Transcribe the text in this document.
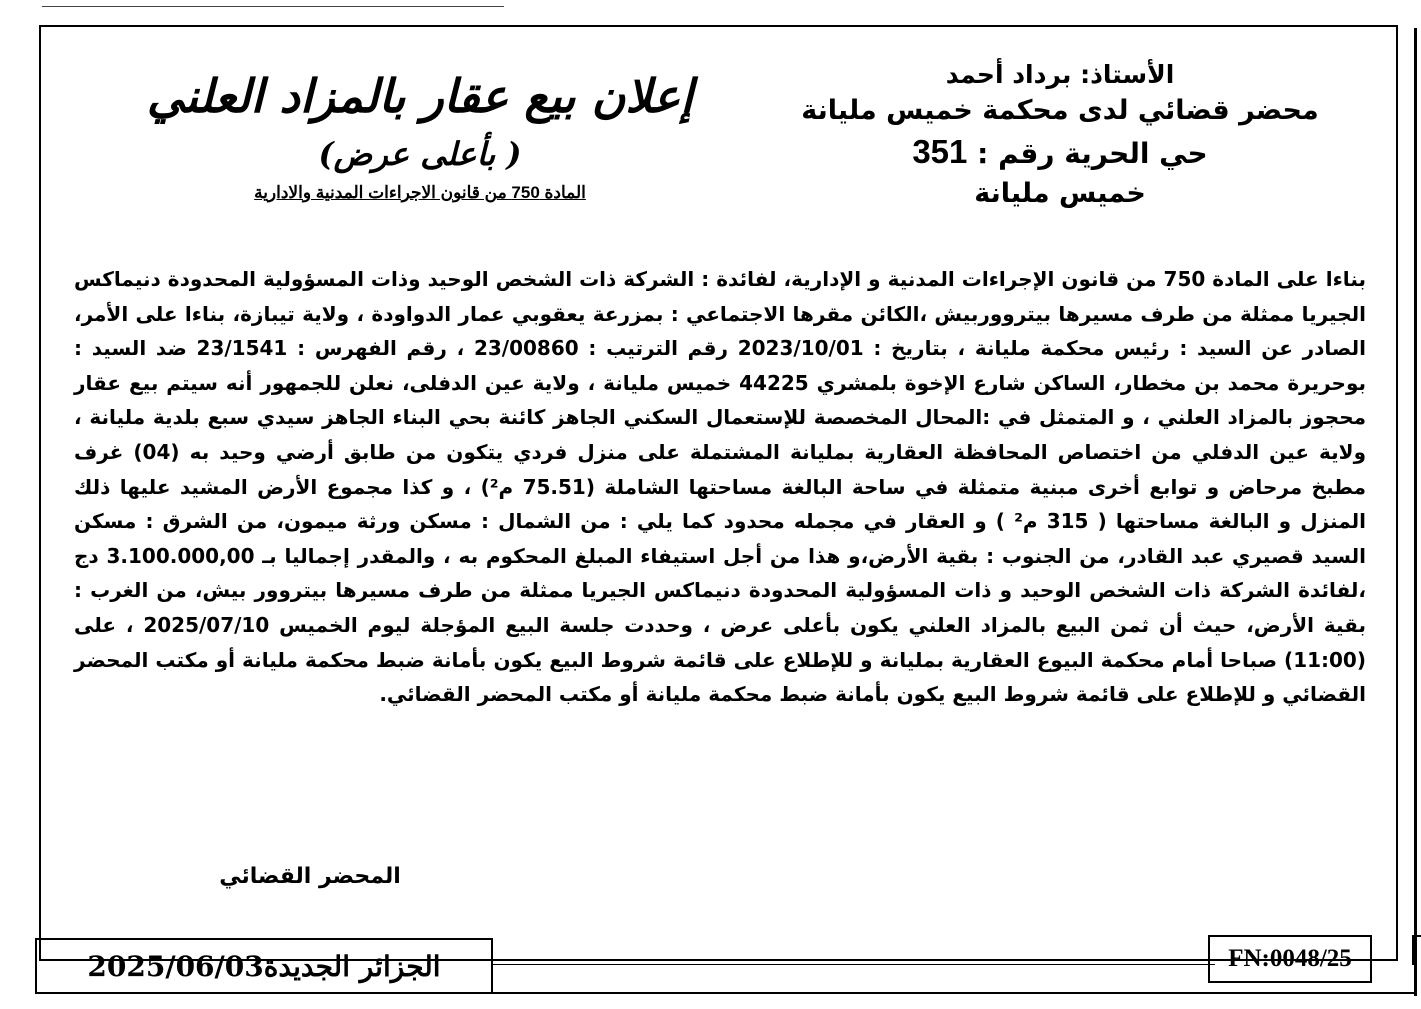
الأستاذ: برداد أحمد
محضر قضائي لدى محكمة خميس مليانة
حي الحرية رقم : 351
خميس مليانة
إعلان بيع عقار بالمزاد العلني
( بأعلى عرض)
المادة 750 من قانون الاجراءات المدنية والادارية
بناءا على المادة 750 من قانون الإجراءات المدنية و الإدارية، لفائدة : الشركة ذات الشخص الوحيد وذات المسؤولية المحدودة دنيماكس الجيريا ممثلة من طرف مسيرها بيترووربيش ،الكائن مقرها الاجتماعي : بمزرعة يعقوبي عمار الدواودة ، ولاية تيبازة، بناءا على الأمر، الصادر عن السيد : رئيس محكمة مليانة ، بتاريخ : 2023/10/01 رقم الترتيب : 23/00860 ، رقم الفهرس : 23/1541 ضد السيد : بوحريرة محمد بن مخطار، الساكن شارع الإخوة بلمشري 44225 خميس مليانة ، ولاية عين الدفلى، نعلن للجمهور أنه سيتم بيع عقار محجوز بالمزاد العلني ، و المتمثل في :المحال المخصصة للإستعمال السكني الجاهز كائنة بحي البناء الجاهز سيدي سبع بلدية مليانة ، ولاية عين الدفلي من اختصاص المحافظة العقارية بمليانة المشتملة على منزل فردي يتكون من طابق أرضي وحيد به (04) غرف مطبخ مرحاض و توابع أخرى مبنية متمثلة في ساحة البالغة مساحتها الشاملة (75.51 م²) ، و كذا مجموع الأرض المشيد عليها ذلك المنزل و البالغة مساحتها ( 315 م² ) و العقار في مجمله محدود كما يلي : من الشمال : مسكن ورثة ميمون، من الشرق : مسكن السيد قصيري عبد القادر، من الجنوب : بقية الأرض،و هذا من أجل استيفاء المبلغ المحكوم به ، والمقدر إجماليا بـ 3.100.000,00 دج ،لفائدة الشركة ذات الشخص الوحيد و ذات المسؤولية المحدودة دنيماكس الجيريا ممثلة من طرف مسيرها بيتروور بيش، من الغرب : بقية الأرض، حيث أن ثمن البيع بالمزاد العلني يكون بأعلى عرض ، وحددت جلسة البيع المؤجلة ليوم الخميس 2025/07/10 ، على (11:00) صباحا أمام محكمة البيوع العقارية بمليانة و للإطلاع على قائمة شروط البيع يكون بأمانة ضبط محكمة مليانة أو مكتب المحضر القضائي و للإطلاع على قائمة شروط البيع يكون بأمانة ضبط محكمة مليانة أو مكتب المحضر القضائي.
المحضر القضائي
الجزائر الجديدة
2025/06/03	FN:0048/25
